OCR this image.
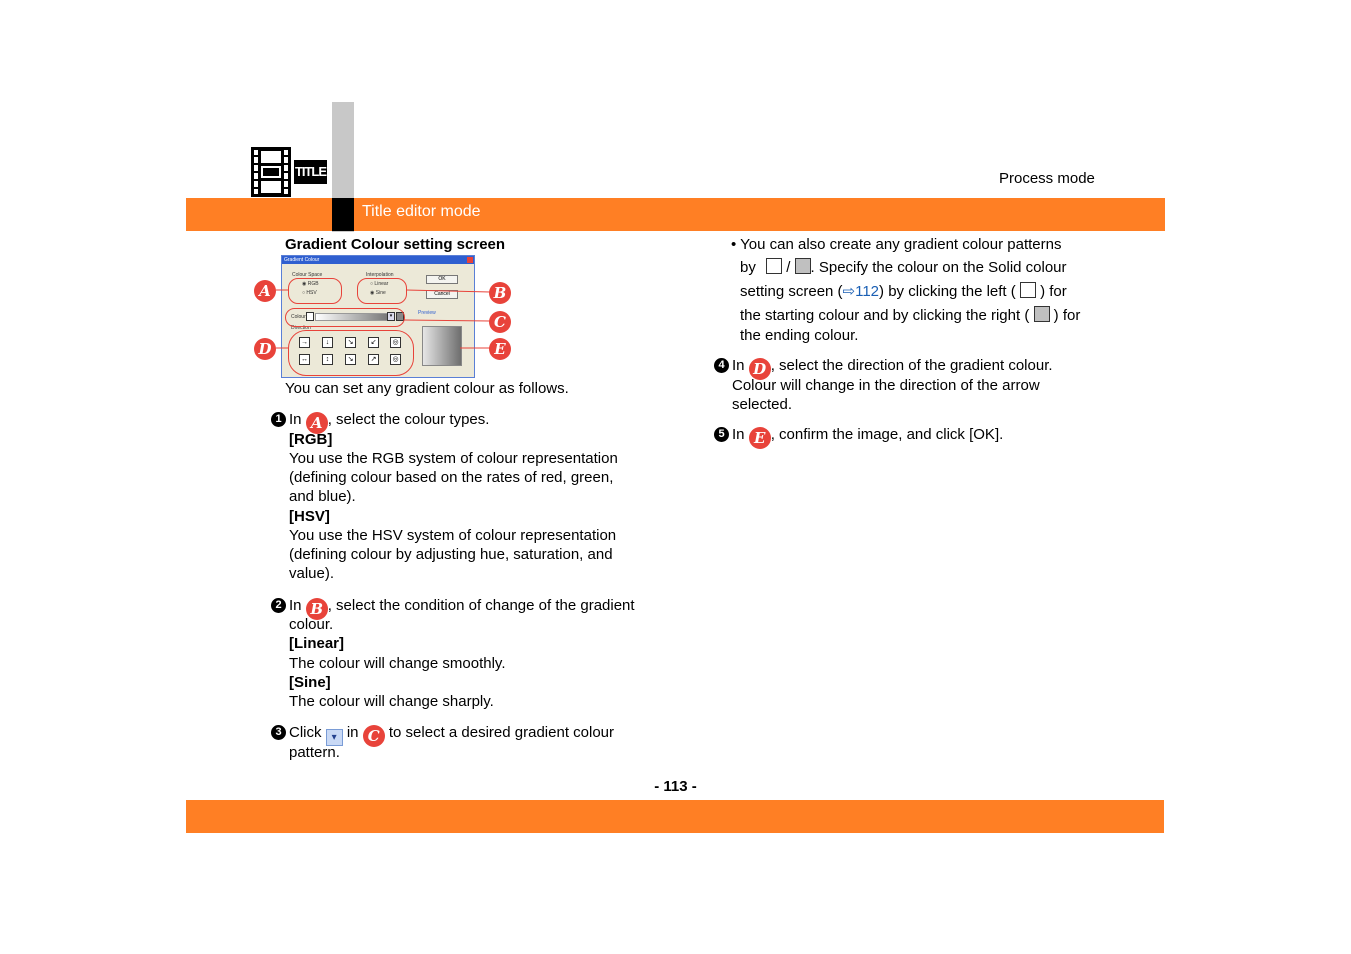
TITLE	Process mode
Title editor mode
Gradient Colour setting screen
Gradient Colour
Colour Space
◉ RGB
○ HSV
Interpolation
○ Linear
◉ Sine
OK
Cancel
Colour	▾	Preview
Direction
→	↓	↘	↙	◎
↔	↕	↘	↗	◎
A	B
C
D	E
You can set any gradient colour as follows.
1 In A , select the colour types.
[RGB]
You use the RGB system of colour representation
(defining colour based on the rates of red, green,
and blue).
[HSV]
You use the HSV system of colour representation
(defining colour by adjusting hue, saturation, and
value).
2 In B , select the condition of change of the gradient
colour.
[Linear]
The colour will change smoothly.
[Sine]
The colour will change sharply.
3 Click ▾ in C to select a desired gradient colour
pattern.
• You can also create any gradient colour patterns
by / . Specify the colour on the Solid colour
setting screen (⇨112) by clicking the left ( ) for
the starting colour and by clicking the right ( ) for
the ending colour.
4 In D , select the direction of the gradient colour.
Colour will change in the direction of the arrow
selected.
5 In E , confirm the image, and click [OK].
- 113 -
